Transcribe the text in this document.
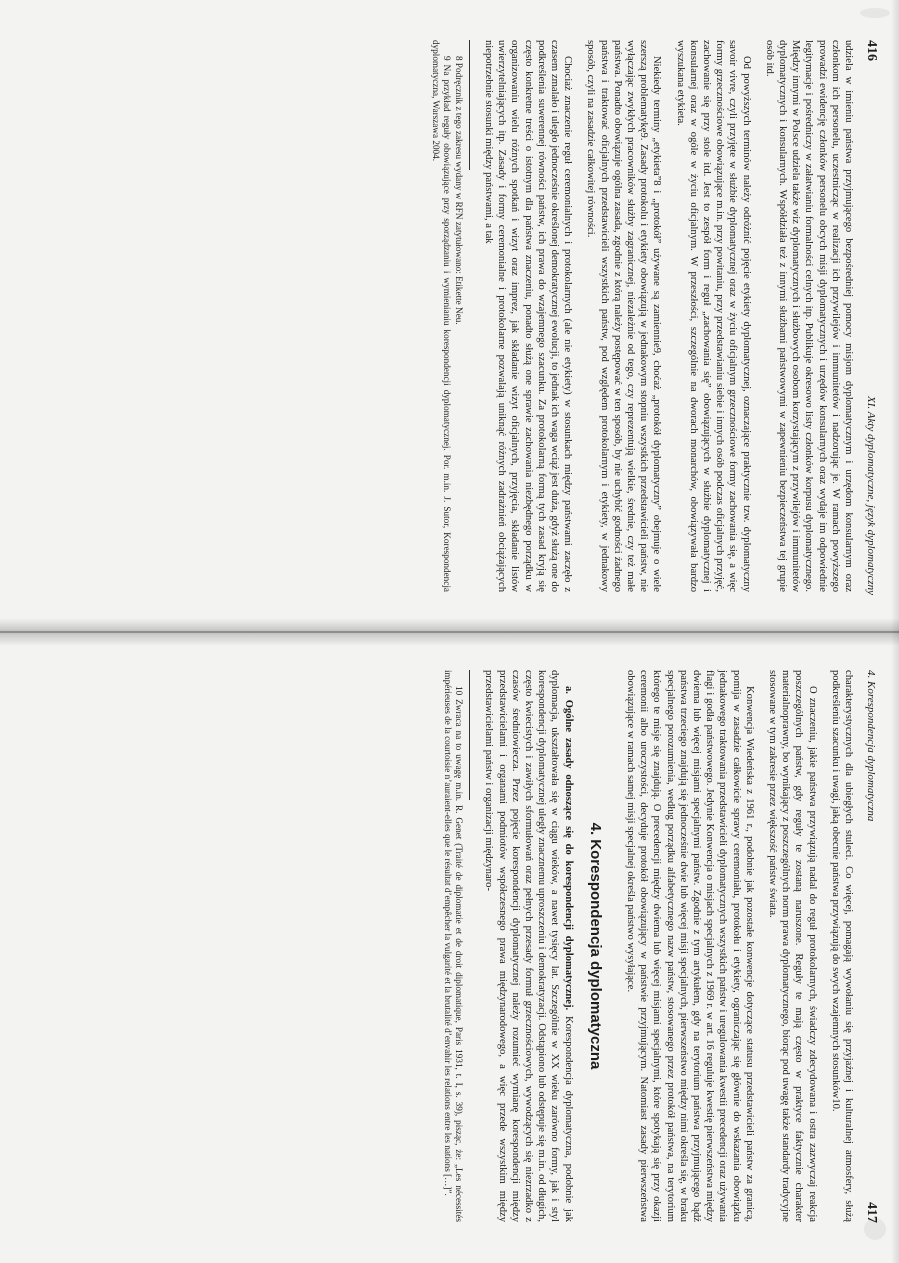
416
XI. Akty dyplomatyczne, język dyplomatyczny

udziela w imieniu państwa przyjmującego bezpośredniej pomocy misjom dyplomatycznym i urzędom konsularnym oraz członkom ich personelu, uczestnicząc w realizacji ich przywilejów i immunitetów i nadzorując je. W ramach powyższego prowadzi ewidencję członków personelu obcych misji dyplomatycznych i urzędów konsularnych oraz wydaje im odpowiednie legitymacje i pośredniczy w załatwianiu formalności celnych itp. Publikuje okresowo listy członków korpusu dyplomatycznego. Między innymi w Polsce udziela także wiz dyplomatycznych i służbowych osobom korzystającym z przywilejów i immunitetów dyplomatycznych i konsularnych. Współdziała też z innymi służbami państwowymi w zapewnieniu bezpieczeństwa tej grupie osób itd.

Od powyższych terminów należy odróżnić pojęcie etykiety dyplomatycznej, oznaczające praktycznie tzw. dyplomatyczny savoir vivre, czyli przyjęte w służbie dyplomatycznej oraz w życiu oficjalnym grzecznościowe formy zachowania się, a więc formy grzecznościowe obowiązujące m.in. przy powitaniu, przy przedstawianiu siebie i innych osób podczas oficjalnych przyjęć, zachowanie się przy stole itd. Jest to zespół form i reguł „zachowania się” obowiązujących w służbie dyplomatycznej i konsularnej oraz w ogóle w życiu oficjalnym. W przeszłości, szczególnie na dworach monarchów, obowiązywała bardzo wyszukana etykieta.

Niekiedy terminy „etykieta”8 i „protokół” używane są zamiennie9, choćaż „protokół dyplomatyczny” obejmuje o wiele szerszą problematykę9. Zasady protokolu i etykiety obowiązują w jednakowym stopniu wszystkich przedstawicieli państw, nie wyłączając zwykłych pracowników służby zagranicznej, niezależnie od tego, czy reprezentują wielkie, średnie, czy też małe państwa. Ponadto obowiązuje ogólna zasada, zgodnie z którą należy postępować w ten sposób, by nie uchybić godności żadnego państwa i traktować oficjalnych przedstawicieli wszystkich państw, pod względem protokolarnym i etykiety, w jednakowy sposób, czyli na zasadzie całkowitej równości.

Chociaż znaczenie reguł ceremonialnych i protokolarnych (ale nie etykiety) w stosunkach między państwami zaczęło z czasem zmalało i uległo jednocześnie określonej demokratycznej ewolucji, to jednak ich waga wciąż jest duża, gdyż służą one do podkreślenia suwerennej równości państw, ich prawa do wzajemnego szacunku. Za protokolarną formą tych zasad kryją się często konkretne treści o istotnym dla państwa znaczeniu, ponadto służą one sprawie zachowania niezbędnego porządku w organizowaniu wielu różnych spotkań i wizyt oraz imprez, jak składanie wizyt oficjalnych, przyjęcia, składanie listów uwierzytelniających itp. Zasady i formy ceremonialne i protokolarne pozwalają uniknąć różnych zadrażnień obciążających niepotrzebnie stosunki między państwami, a tak

8 Podręcznik z tego zakresu wydany w RFN zatytułowano: Etikette Neu.

9 Na przykład reguły obowiązujące przy sporządzaniu i wymienianiu korespondencji dyplomatycznej. Por. m.in. J. Sutor, Korespondencja dyplomatyczna, Warszawa 2004.

4. Korespondencja dyplomatyczna
417

charakterystycznych dla ubiegłych stuleci. Co więcej, pomagają wywołaniu się przyjaźnej i kulturalnej atmosfery, służą podkreśleniu szacunku i uwagi, jaką obecnie państwa przywiązują do swych wzajemnych stosunków10.

O znaczeniu, jakie państwa przywiązują nadal do reguł protokolarnych, świadczy zdecydowana i ostra zazwyczaj reakcja poszczególnych państw, gdy reguły te zostaną naruszone. Reguły te mają często w praktyce faktycznie charakter materialnoprawny, bo wynikający z poszczególnych norm prawa dyplomatycznego, biorąc pod uwagę także standardy tradycyjne stosowane w tym zakresie przez większość państw świata.

Konwencja Wiedeńska z 1961 r., podobnie jak pozostałe konwencje dotyczące statusu przedstawicieli państw za granicą, pomija w zasadzie całkowicie sprawy ceremoniału, protokołu i etykiety, ograniczając się głównie do wskazania obowiązku jednakowego traktowania przedstawicieli dyplomatycznych wszystkich państw i uregulowania kwestii precedencji oraz używania flagi i godła państwowego. Jedynie Konwencja o misjach specjalnych z 1969 r. w art. 16 reguluje kwestię pierwszeństwa między dwiema lub więcej misjami specjalnymi państw. Zgodnie z tym artykułem, gdy na terytorium państwa przyjmującego bądź państwa trzeciego znajdują się jednocześnie dwie lub więcej misji specjalnych, pierwszeństwo między nimi określa się, w braku specjalnego porozumienia, według porządku alfabetycznego nazw państw, stosowanego przez protokół państwa, na terytorium którego te misje się znajdują. O precedencji między dwiema lub więcej misjami specjalnymi, które spotykają się przy okazji ceremonii albo uroczystości, decyduje protokół obowiązujący w państwie przyjmującym. Natomiast zasady pierwszeństwa obowiązujące w ramach samej misji specjalnej określa państwo wysyłające.

4. Korespondencja dyplomatyczna

a. Ogólne zasady odnoszące się do korespondencji dyplomatycznej. Korespondencja dyplomatyczna, podobnie jak dyplomacja, ukształtowała się w ciągu wieków, a nawet tysięcy lat. Szczególnie w XX wieku zarówno formy, jak i styl korespondencji dyplomatycznej uległy znacznemu uproszczeniu i demokratyzacji. Odstąpiono lub odstępuje się m.in. od długich, często kwiecistych i zawiłych sformułowań oraz pełnych przesady formuł grzecznościowych, wywodzących się niezrzadko z czasów średniowiecza. Przez pojęcie korespondencji dyplomatycznej należy rozumieć wymianę korespondencji między przedstawicielami i organami podmiotów współczesnego prawa międzynarodowego, a więc przede wszystkim między przedstawicielami państw i organizacji międzynaro-

10 Zwraca na to uwagę m.in. R. Genet (Traité de diplomatie et de droit diplomatique, Paris 1931, t. I, s. 39), pisząc, że: „Les nécessités impérieuses de la courtoisie n’auraient-elles que le résultat d’empêcher la vulgarité et la brutalité d’envahir les relations entre les nations […]”.
